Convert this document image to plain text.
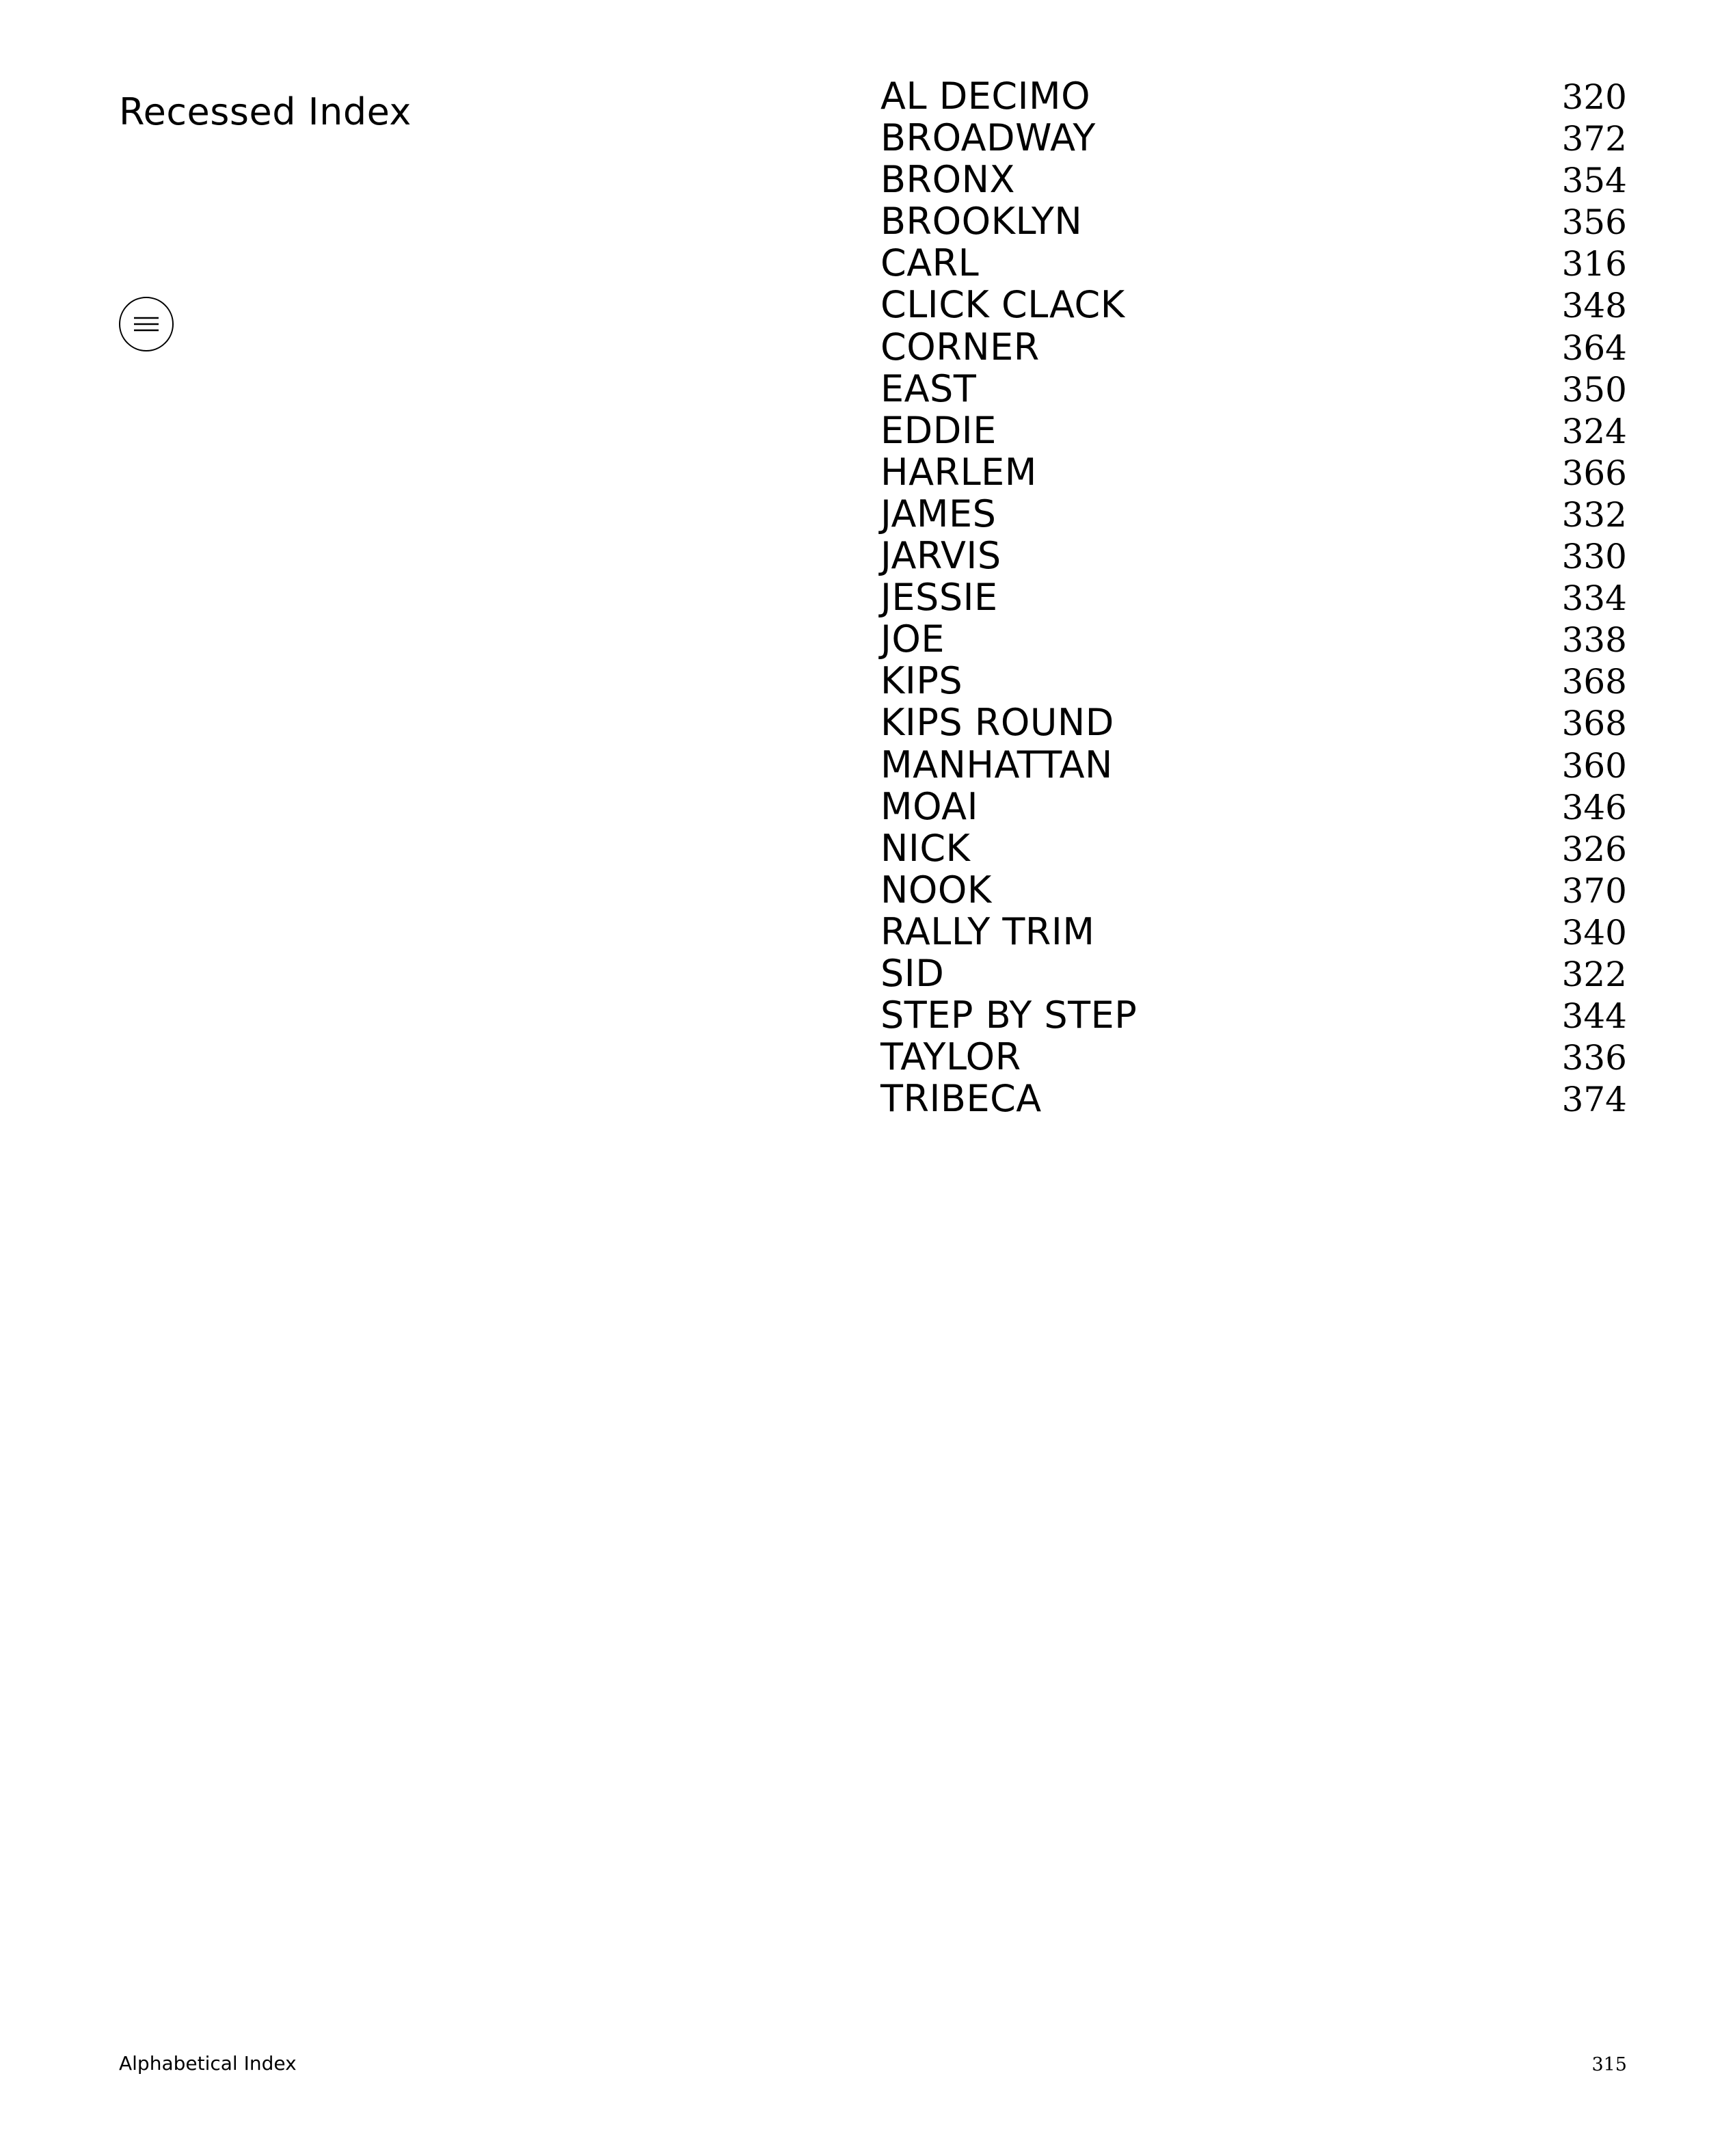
Recessed Index	AL DECIMO	320
BROADWAY	372
BRONX	354
BROOKLYN	356
CARL	316
CLICK CLACK	348
CORNER	364
EAST	350
EDDIE	324
HARLEM	366
JAMES	332
JARVIS	330
JESSIE	334
JOE	338
KIPS	368
KIPS ROUND	368
MANHATTAN	360
MOAI	346
NICK	326
NOOK	370
RALLY TRIM	340
SID	322
STEP BY STEP	344
TAYLOR	336
TRIBECA	374
Alphabetical Index	315
